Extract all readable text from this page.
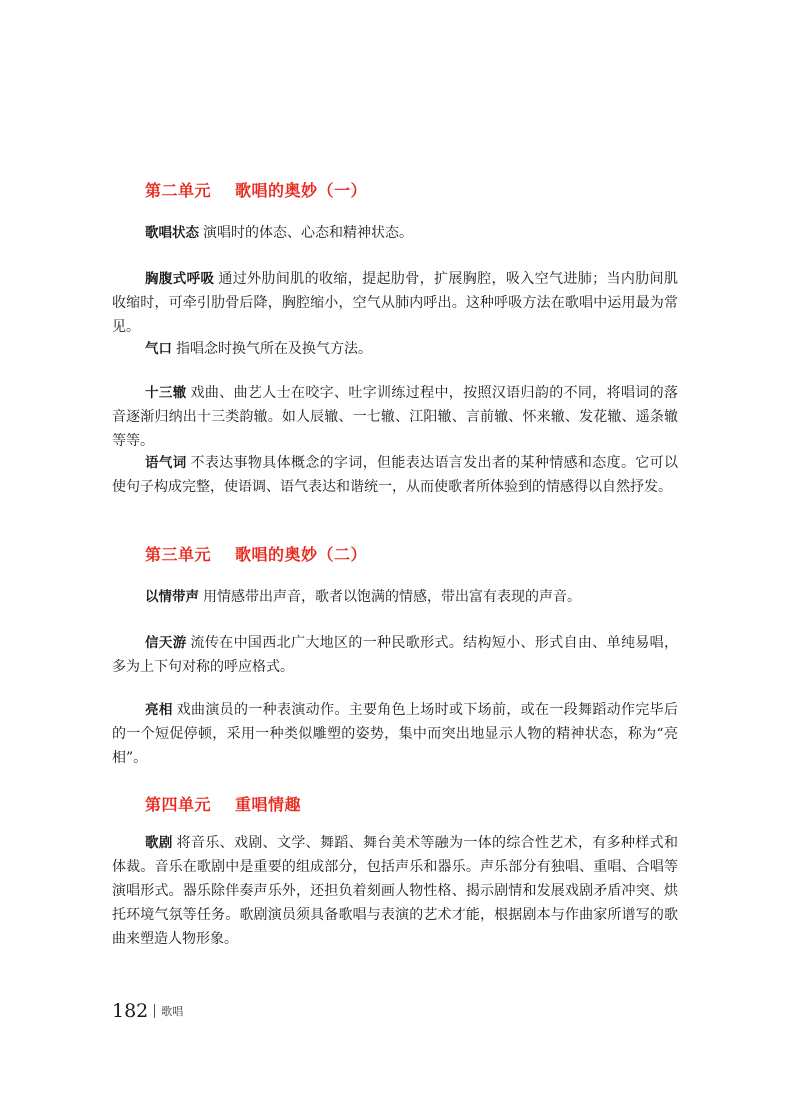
第二单元 歌唱的奥妙（一）
歌唱状态 演唱时的体态、心态和精神状态。
胸腹式呼吸 通过外肋间肌的收缩，提起肋骨，扩展胸腔，吸入空气进肺；当内肋间肌收缩时，可牵引肋骨后降，胸腔缩小，空气从肺内呼出。这种呼吸方法在歌唱中运用最为常见。
气口 指唱念时换气所在及换气方法。
十三辙 戏曲、曲艺人士在咬字、吐字训练过程中，按照汉语归韵的不同，将唱词的落音逐渐归纳出十三类韵辙。如人辰辙、一七辙、江阳辙、言前辙、怀来辙、发花辙、遥条辙等等。
语气词 不表达事物具体概念的字词，但能表达语言发出者的某种情感和态度。它可以使句子构成完整，使语调、语气表达和谐统一，从而使歌者所体验到的情感得以自然抒发。
第三单元 歌唱的奥妙（二）
以情带声 用情感带出声音，歌者以饱满的情感，带出富有表现的声音。
信天游 流传在中国西北广大地区的一种民歌形式。结构短小、形式自由、单纯易唱，多为上下句对称的呼应格式。
亮相 戏曲演员的一种表演动作。主要角色上场时或下场前，或在一段舞蹈动作完毕后的一个短促停顿，采用一种类似雕塑的姿势，集中而突出地显示人物的精神状态，称为“亮相”。
第四单元 重唱情趣
歌剧 将音乐、戏剧、文学、舞蹈、舞台美术等融为一体的综合性艺术，有多种样式和体裁。音乐在歌剧中是重要的组成部分，包括声乐和器乐。声乐部分有独唱、重唱、合唱等演唱形式。器乐除伴奏声乐外，还担负着刻画人物性格、揭示剧情和发展戏剧矛盾冲突、烘托环境气氛等任务。歌剧演员须具备歌唱与表演的艺术才能，根据剧本与作曲家所谱写的歌曲来塑造人物形象。
182 歌唱
